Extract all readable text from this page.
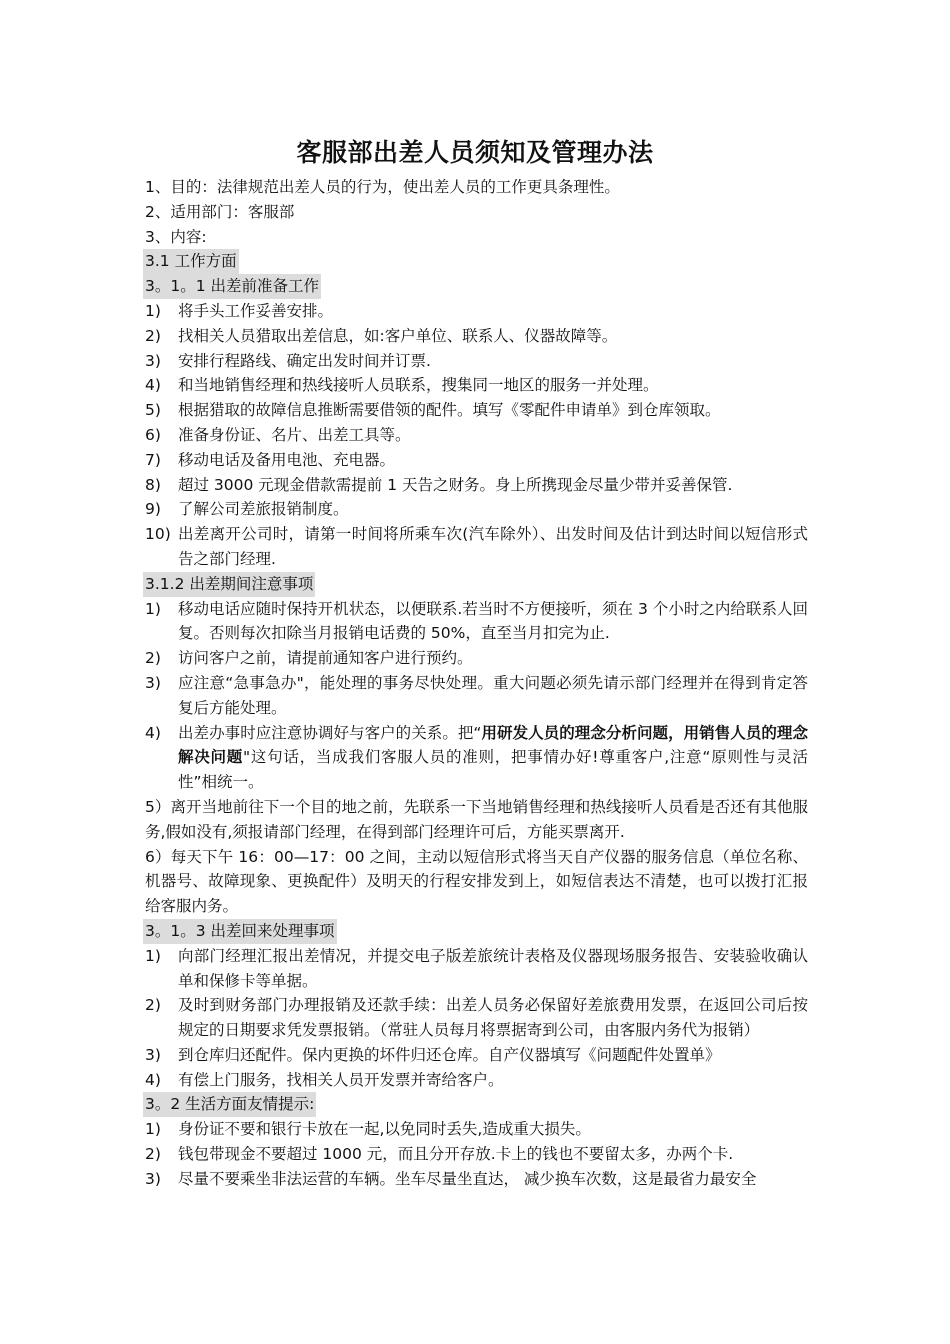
客服部出差人员须知及管理办法
1、目的：法律规范出差人员的行为，使出差人员的工作更具条理性。
2、适用部门：客服部
3、内容:
3.1 工作方面
3。1。1 出差前准备工作
1) 将手头工作妥善安排。
2) 找相关人员猎取出差信息，如:客户单位、联系人、仪器故障等。
3) 安排行程路线、确定出发时间并订票.
4) 和当地销售经理和热线接听人员联系，搜集同一地区的服务一并处理。
5) 根据猎取的故障信息推断需要借领的配件。填写《零配件申请单》到仓库领取。
6) 准备身份证、名片、出差工具等。
7) 移动电话及备用电池、充电器。
8) 超过 3000 元现金借款需提前 1 天告之财务。身上所携现金尽量少带并妥善保管.
9) 了解公司差旅报销制度。
10) 出差离开公司时，请第一时间将所乘车次(汽车除外）、出发时间及估计到达时间以短信形式告之部门经理.
3.1.2 出差期间注意事项
1) 移动电话应随时保持开机状态，以便联系.若当时不方便接听，须在 3 个小时之内给联系人回复。否则每次扣除当月报销电话费的 50%，直至当月扣完为止.
2) 访问客户之前，请提前通知客户进行预约。
3) 应注意“急事急办"，能处理的事务尽快处理。重大问题必须先请示部门经理并在得到肯定答复后方能处理。
4) 出差办事时应注意协调好与客户的关系。把“用研发人员的理念分析问题，用销售人员的理念解决问题"这句话，当成我们客服人员的准则，把事情办好!尊重客户,注意“原则性与灵活性”相统一。
5）离开当地前往下一个目的地之前，先联系一下当地销售经理和热线接听人员看是否还有其他服务,假如没有,须报请部门经理，在得到部门经理许可后，方能买票离开.
6）每天下午 16：00—17：00 之间，主动以短信形式将当天自产仪器的服务信息（单位名称、机器号、故障现象、更换配件）及明天的行程安排发到上，如短信表达不清楚，也可以拨打汇报给客服内务。
3。1。3 出差回来处理事项
1) 向部门经理汇报出差情况，并提交电子版差旅统计表格及仪器现场服务报告、安装验收确认单和保修卡等单据。
2) 及时到财务部门办理报销及还款手续：出差人员务必保留好差旅费用发票，在返回公司后按规定的日期要求凭发票报销。（常驻人员每月将票据寄到公司，由客服内务代为报销）
3) 到仓库归还配件。保内更换的坏件归还仓库。自产仪器填写《问题配件处置单》
4) 有偿上门服务，找相关人员开发票并寄给客户。
3。2 生活方面友情提示:
1) 身份证不要和银行卡放在一起,以免同时丢失,造成重大损失。
2) 钱包带现金不要超过 1000 元，而且分开存放.卡上的钱也不要留太多，办两个卡.
3) 尽量不要乘坐非法运营的车辆。坐车尽量坐直达， 减少换车次数，这是最省力最安全
